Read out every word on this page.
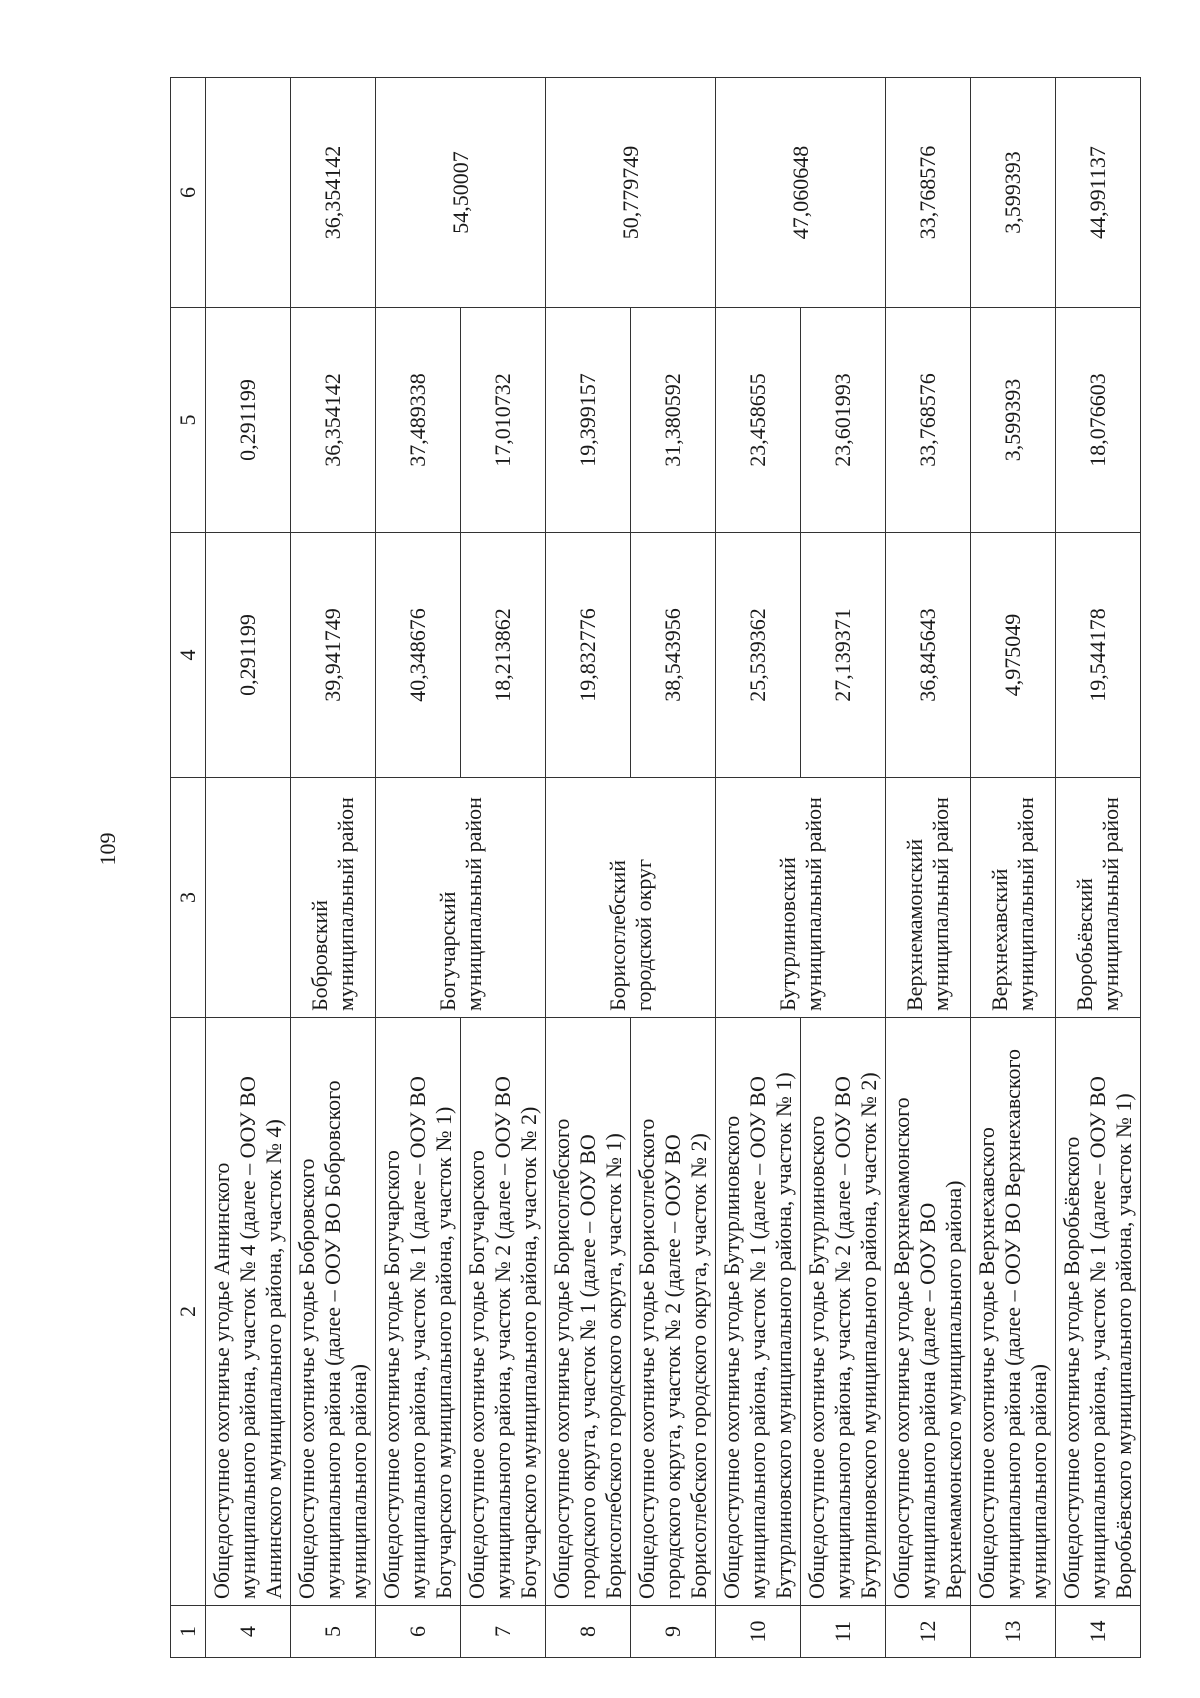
109
1	2	3	4	5	6
4	Общедоступное охотничье угодье Аннинского муниципального района, участок № 4 (далее – ООУ ВО Аннинского муниципального района, участок № 4)		0,291199	0,291199	
5	Общедоступное охотничье угодье Бобровского муниципального района (далее – ООУ ВО Бобровского муниципального района)	Бобровский муниципальный район	39,941749	36,354142	36,354142
6	Общедоступное охотничье угодье Богучарского муниципального района, участок № 1 (далее – ООУ ВО Богучарского муниципального района, участок № 1)	Богучарский муниципальный район	40,348676	37,489338	54,50007
7	Общедоступное охотничье угодье Богучарского муниципального района, участок № 2 (далее – ООУ ВО Богучарского муниципального района, участок № 2)		18,213862	17,010732	
8	Общедоступное охотничье угодье Борисоглебского городского округа, участок № 1 (далее – ООУ ВО Борисоглебского городского округа, участок № 1)	Борисоглебский городской округ	19,832776	19,399157	50,779749
9	Общедоступное охотничье угодье Борисоглебского городского округа, участок № 2 (далее – ООУ ВО Борисоглебского городского округа, участок № 2)		38,543956	31,380592	
10	Общедоступное охотничье угодье Бутурлиновского муниципального района, участок № 1 (далее – ООУ ВО Бутурлиновского муниципального района, участок № 1)	Бутурлиновский муниципальный район	25,539362	23,458655	47,060648
11	Общедоступное охотничье угодье Бутурлиновского муниципального района, участок № 2 (далее – ООУ ВО Бутурлиновского муниципального района, участок № 2)		27,139371	23,601993	
12	Общедоступное охотничье угодье Верхнемамонского муниципального района (далее – ООУ ВО Верхнемамонского муниципального района)	Верхнемамонский муниципальный район	36,845643	33,768576	33,768576
13	Общедоступное охотничье угодье Верхнехавского муниципального района (далее – ООУ ВО Верхнехавского муниципального района)	Верхнехавский муниципальный район	4,975049	3,599393	3,599393
14	Общедоступное охотничье угодье Воробьёвского муниципального района, участок № 1 (далее – ООУ ВО Воробьёвского муниципального района, участок № 1)	Воробьёвский муниципальный район	19,544178	18,076603	44,991137
